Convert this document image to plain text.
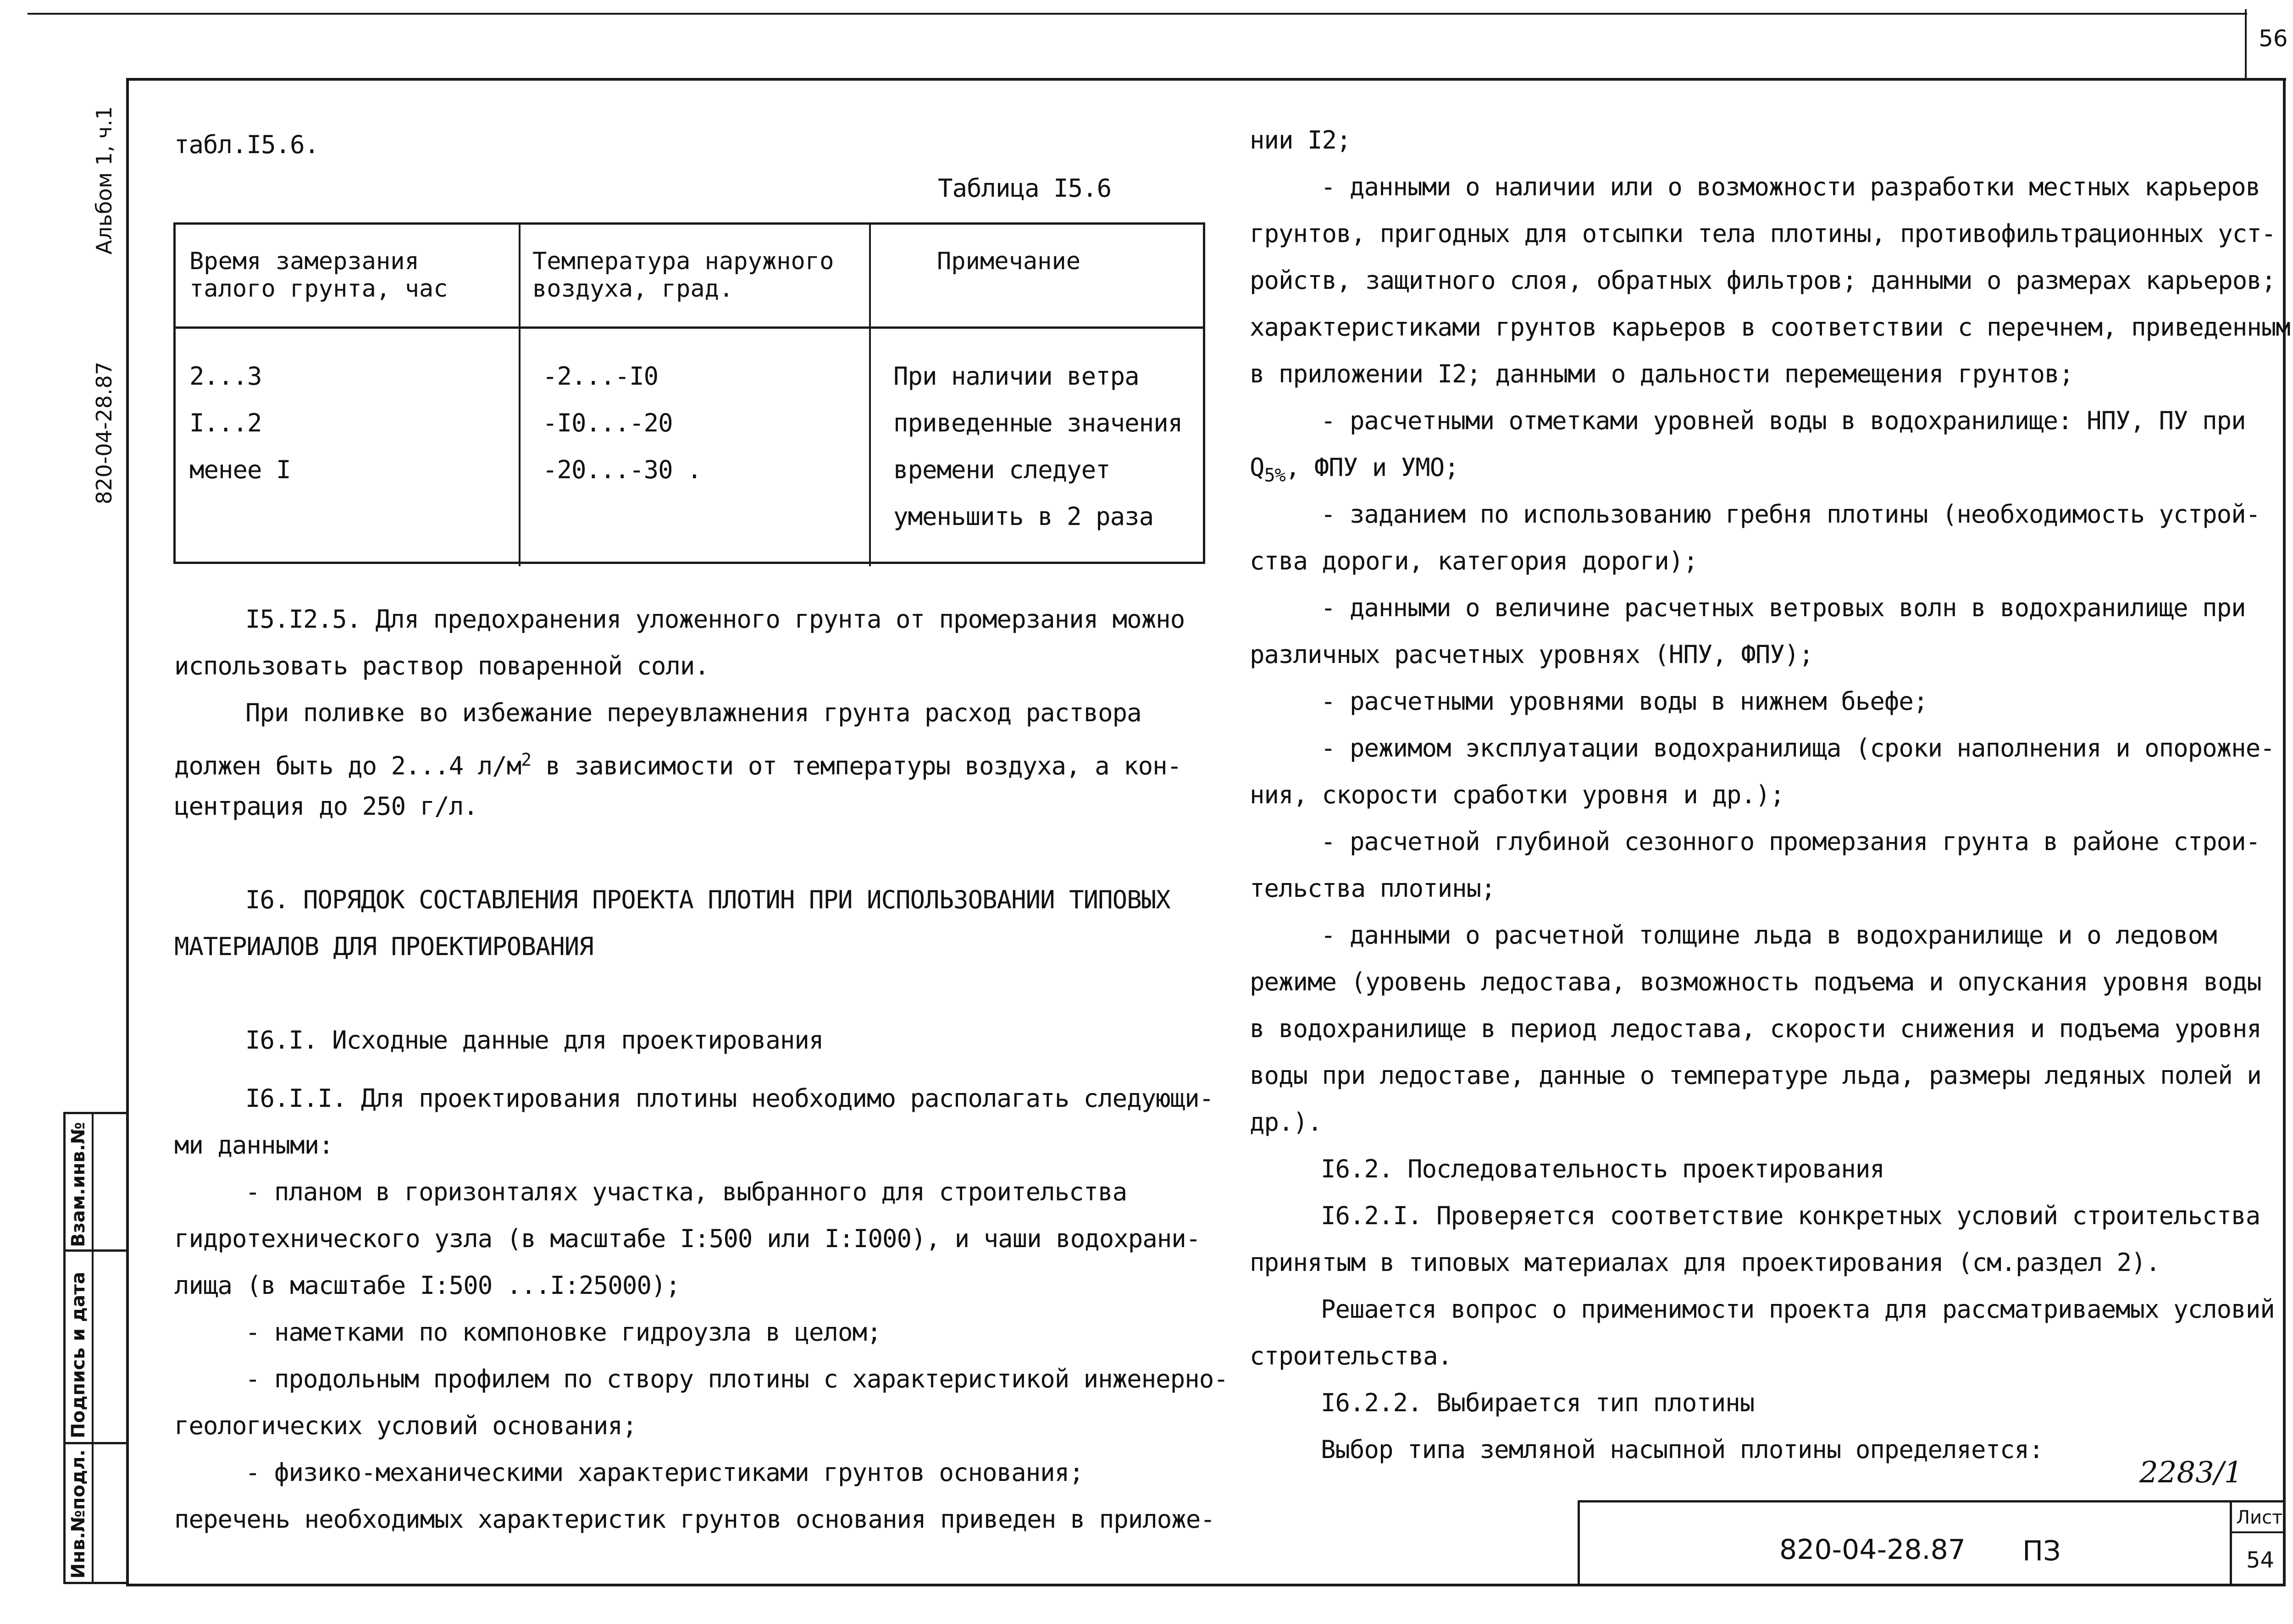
56
Альбом 1, ч.1
820-04-28.87
Взам.инв.№
Подпись и дата
Инв.№подл.
табл.I5.6.
Таблица I5.6
Время замерзания
талого грунта, час
Температура наружного
воздуха, град.
Примечание
2...3
I...2
менее I
-2...-I0
-I0...-20
-20...-30 .
При наличии ветра
приведенные значения
времени следует
уменьшить в 2 раза
I5.I2.5. Для предохранения уложенного грунта от промерзания можно
использовать раствор поваренной соли.
При поливке во избежание переувлажнения грунта расход раствора
должен быть до 2...4 $л/м^2$ в зависимости от температуры воздуха, а кон-
центрация до 250 г/л.
I6. ПОРЯДОК СОСТАВЛЕНИЯ ПРОЕКТА ПЛОТИН ПРИ ИСПОЛЬЗОВАНИИ ТИПОВЫХ
МАТЕРИАЛОВ ДЛЯ ПРОЕКТИРОВАНИЯ
I6.I. Исходные данные для проектирования
I6.I.I. Для проектирования плотины необходимо располагать следующи-
ми данными:
- планом в горизонталях участка, выбранного для строительства
гидротехнического узла (в масштабе I:500 или I:I000), и чаши водохрани-
лища (в масштабе I:500 ...I:25000);
- наметками по компоновке гидроузла в целом;
- продольным профилем по створу плотины с характеристикой инженерно-
геологических условий основания;
- физико-механическими характеристиками грунтов основания;
перечень необходимых характеристик грунтов основания приведен в приложе-
нии I2;
- данными о наличии или о возможности разработки местных карьеров
грунтов, пригодных для отсыпки тела плотины, противофильтрационных уст-
ройств, защитного слоя, обратных фильтров; данными о размерах карьеров;
характеристиками грунтов карьеров в соответствии с перечнем, приведенным
в приложении I2; данными о дальности перемещения грунтов;
- расчетными отметками уровней воды в водохранилище: НПУ, ПУ при
$Q_{5\%}$, ФПУ и УМО;
- заданием по использованию гребня плотины (необходимость устрой-
ства дороги, категория дороги);
- данными о величине расчетных ветровых волн в водохранилище при
различных расчетных уровнях (НПУ, ФПУ);
- расчетными уровнями воды в нижнем бьефе;
- режимом эксплуатации водохранилища (сроки наполнения и опорожне-
ния, скорости сработки уровня и др.);
- расчетной глубиной сезонного промерзания грунта в районе строи-
тельства плотины;
- данными о расчетной толщине льда в водохранилище и о ледовом
режиме (уровень ледостава, возможность подъема и опускания уровня воды
в водохранилище в период ледостава, скорости снижения и подъема уровня
воды при ледоставе, данные о температуре льда, размеры ледяных полей и
др.).
I6.2. Последовательность проектирования
I6.2.I. Проверяется соответствие конкретных условий строительства
принятым в типовых материалах для проектирования (см.раздел 2).
Решается вопрос о применимости проекта для рассматриваемых условий
строительства.
I6.2.2. Выбирается тип плотины
Выбор типа земляной насыпной плотины определяется:
2283/1
820-04-28.87 ПЗ
Лист
54
